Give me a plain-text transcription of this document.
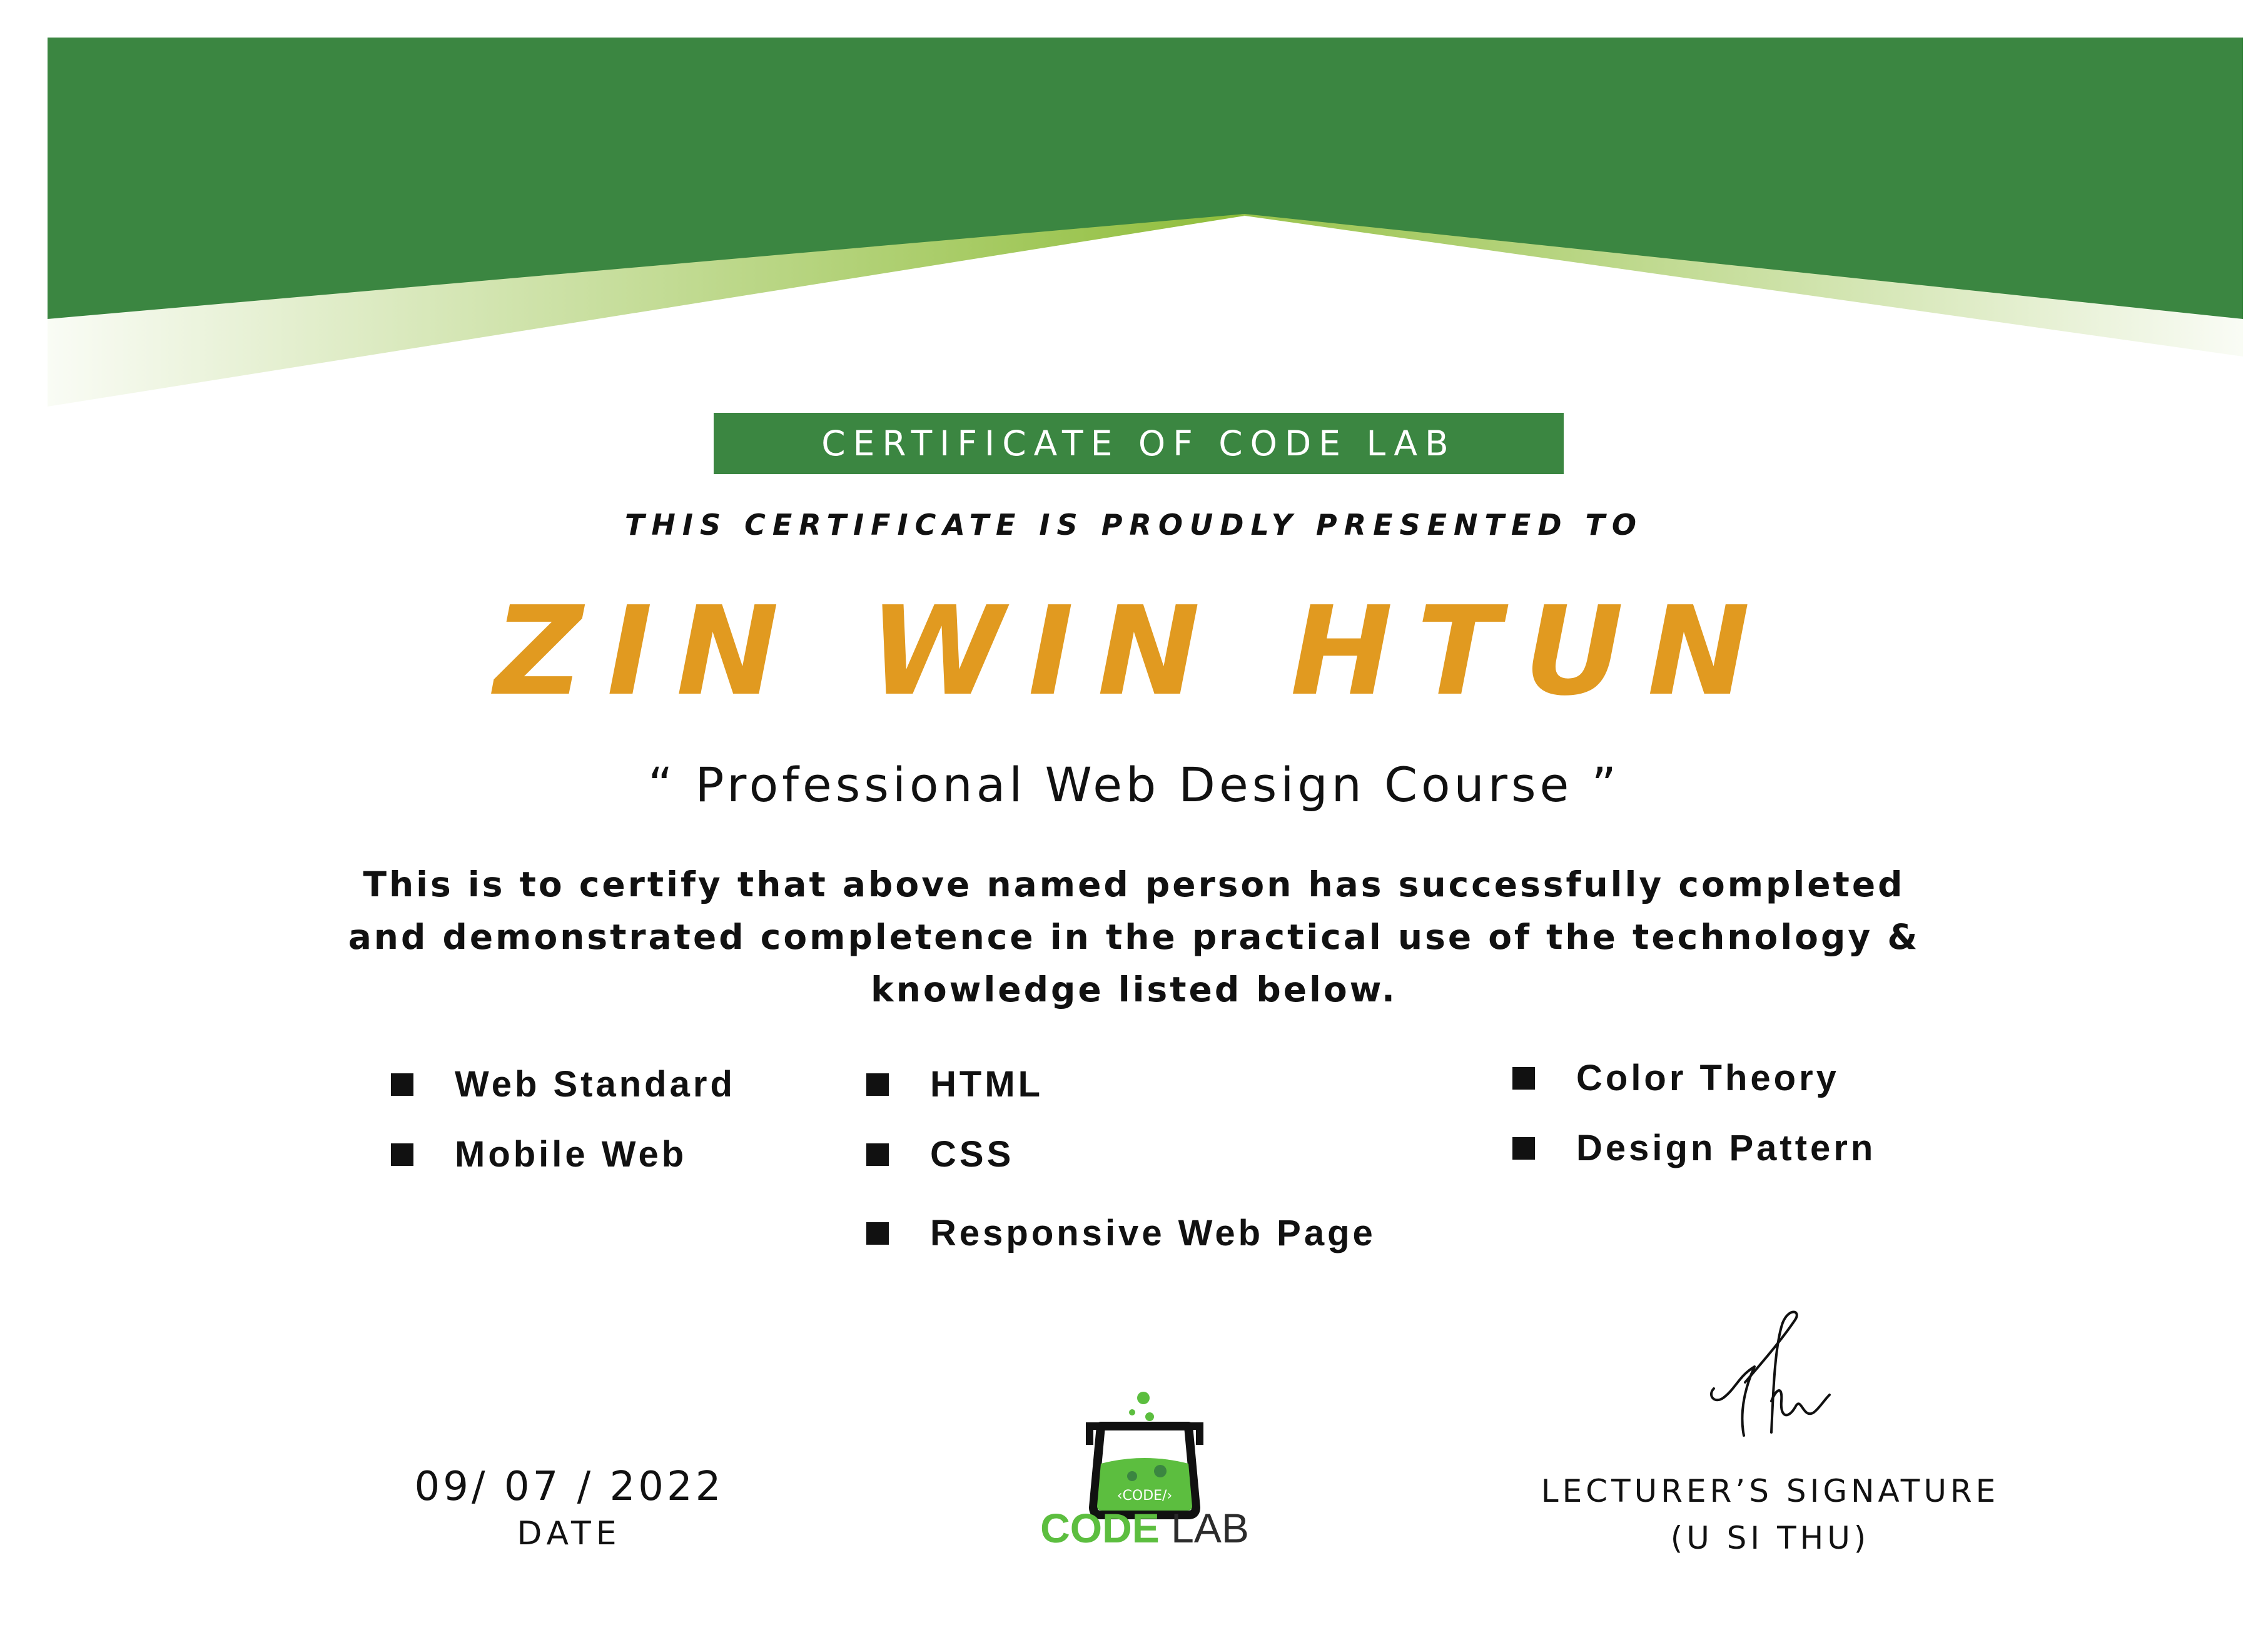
CERTIFICATE OF CODE LAB
THIS CERTIFICATE IS PROUDLY PRESENTED TO
ZIN WIN HTUN
“ Professional Web Design Course ”
This is to certify that above named person has successfully completed
and demonstrated completence in the practical use of the technology &
knowledge listed below.
Web Standard
Mobile Web
HTML
CSS
Responsive Web Page
Color Theory
Design Pattern
09/ 07 / 2022
DATE
‹CODE/›
CODE LAB
LECTURER’S SIGNATURE
(U SI THU)
